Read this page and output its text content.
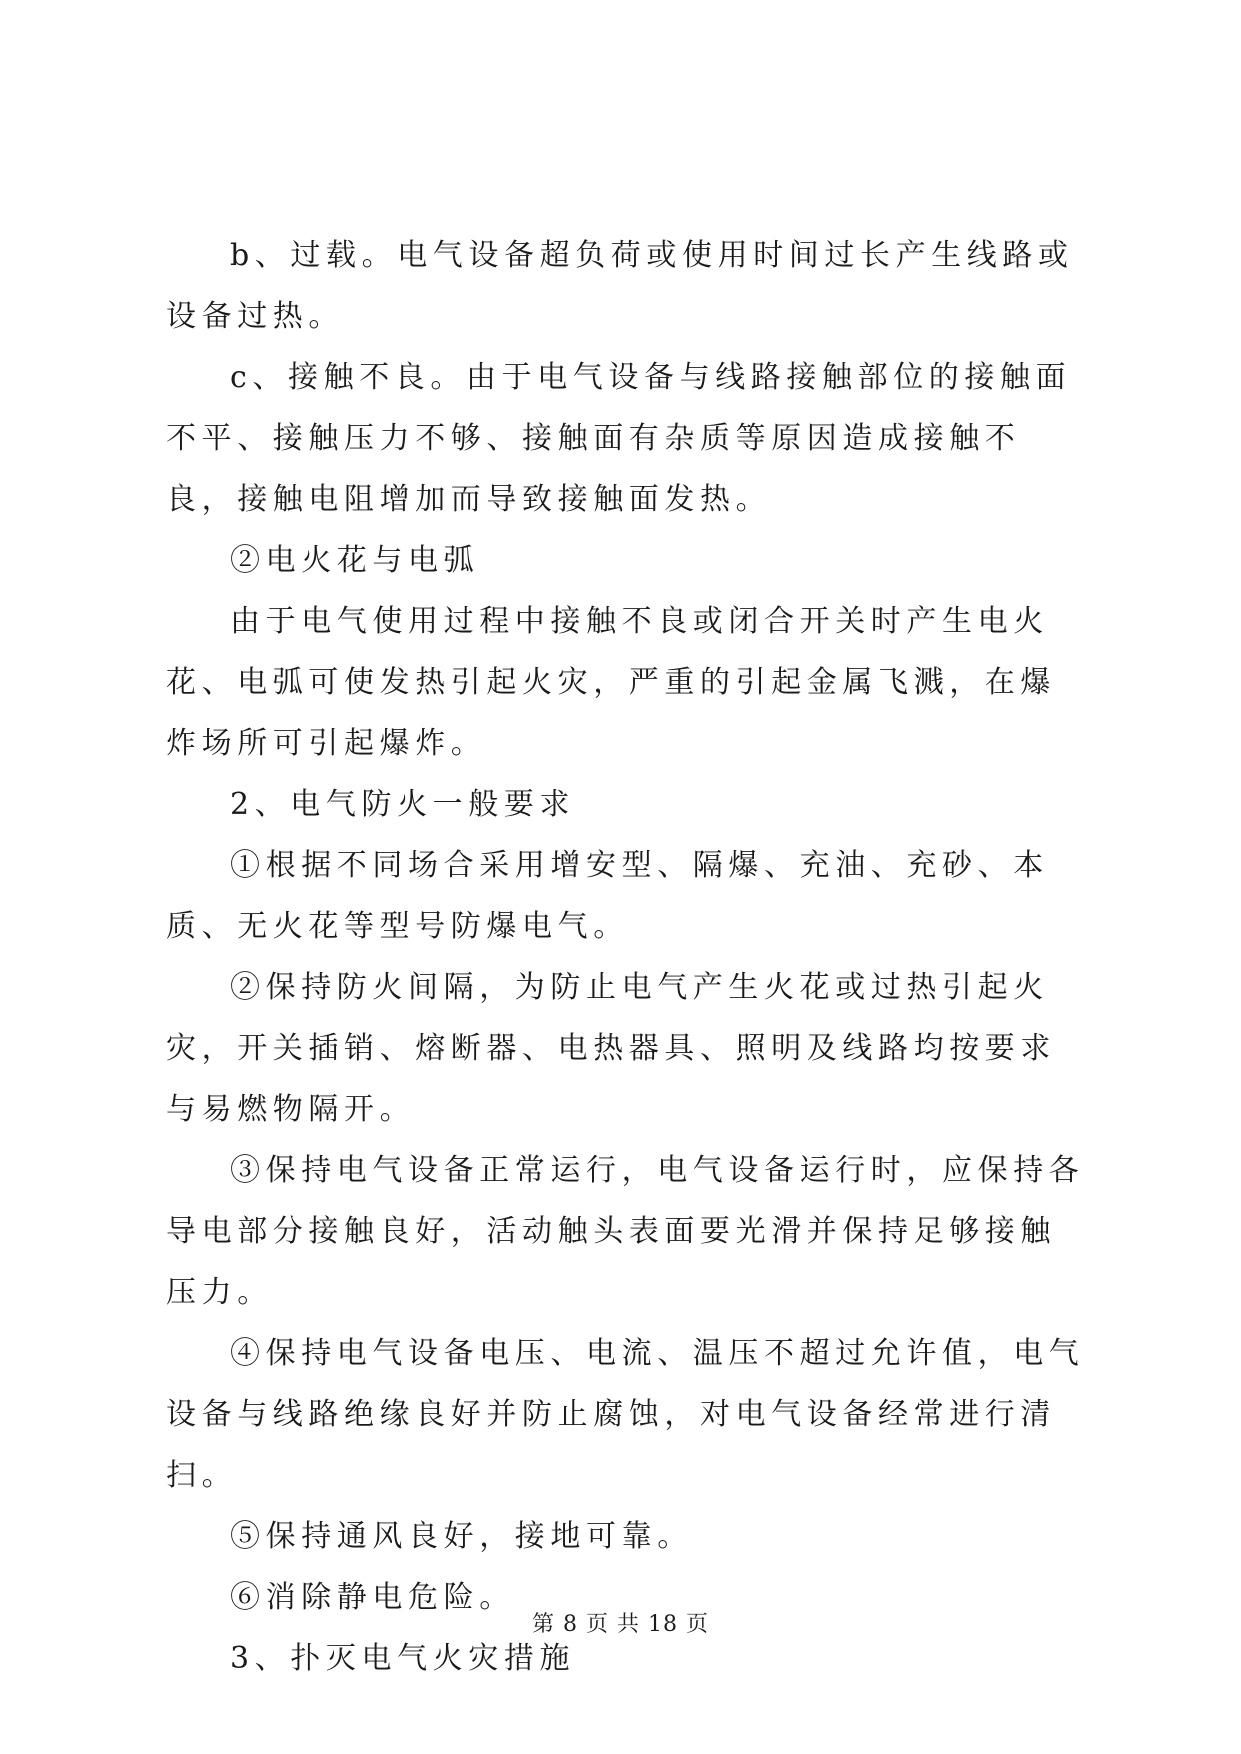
b、过载。电气设备超负荷或使用时间过长产生线路或设备过热。

c、接触不良。由于电气设备与线路接触部位的接触面不平、接触压力不够、接触面有杂质等原因造成接触不良，接触电阻增加而导致接触面发热。

②电火花与电弧

由于电气使用过程中接触不良或闭合开关时产生电火花、电弧可使发热引起火灾，严重的引起金属飞溅，在爆炸场所可引起爆炸。

2、电气防火一般要求

①根据不同场合采用增安型、隔爆、充油、充砂、本质、无火花等型号防爆电气。

②保持防火间隔，为防止电气产生火花或过热引起火灾，开关插销、熔断器、电热器具、照明及线路均按要求与易燃物隔开。

③保持电气设备正常运行，电气设备运行时，应保持各导电部分接触良好，活动触头表面要光滑并保持足够接触压力。

④保持电气设备电压、电流、温压不超过允许值，电气设备与线路绝缘良好并防止腐蚀，对电气设备经常进行清扫。

⑤保持通风良好，接地可靠。

⑥消除静电危险。

3、扑灭电气火灾措施

第 8 页 共 18 页
